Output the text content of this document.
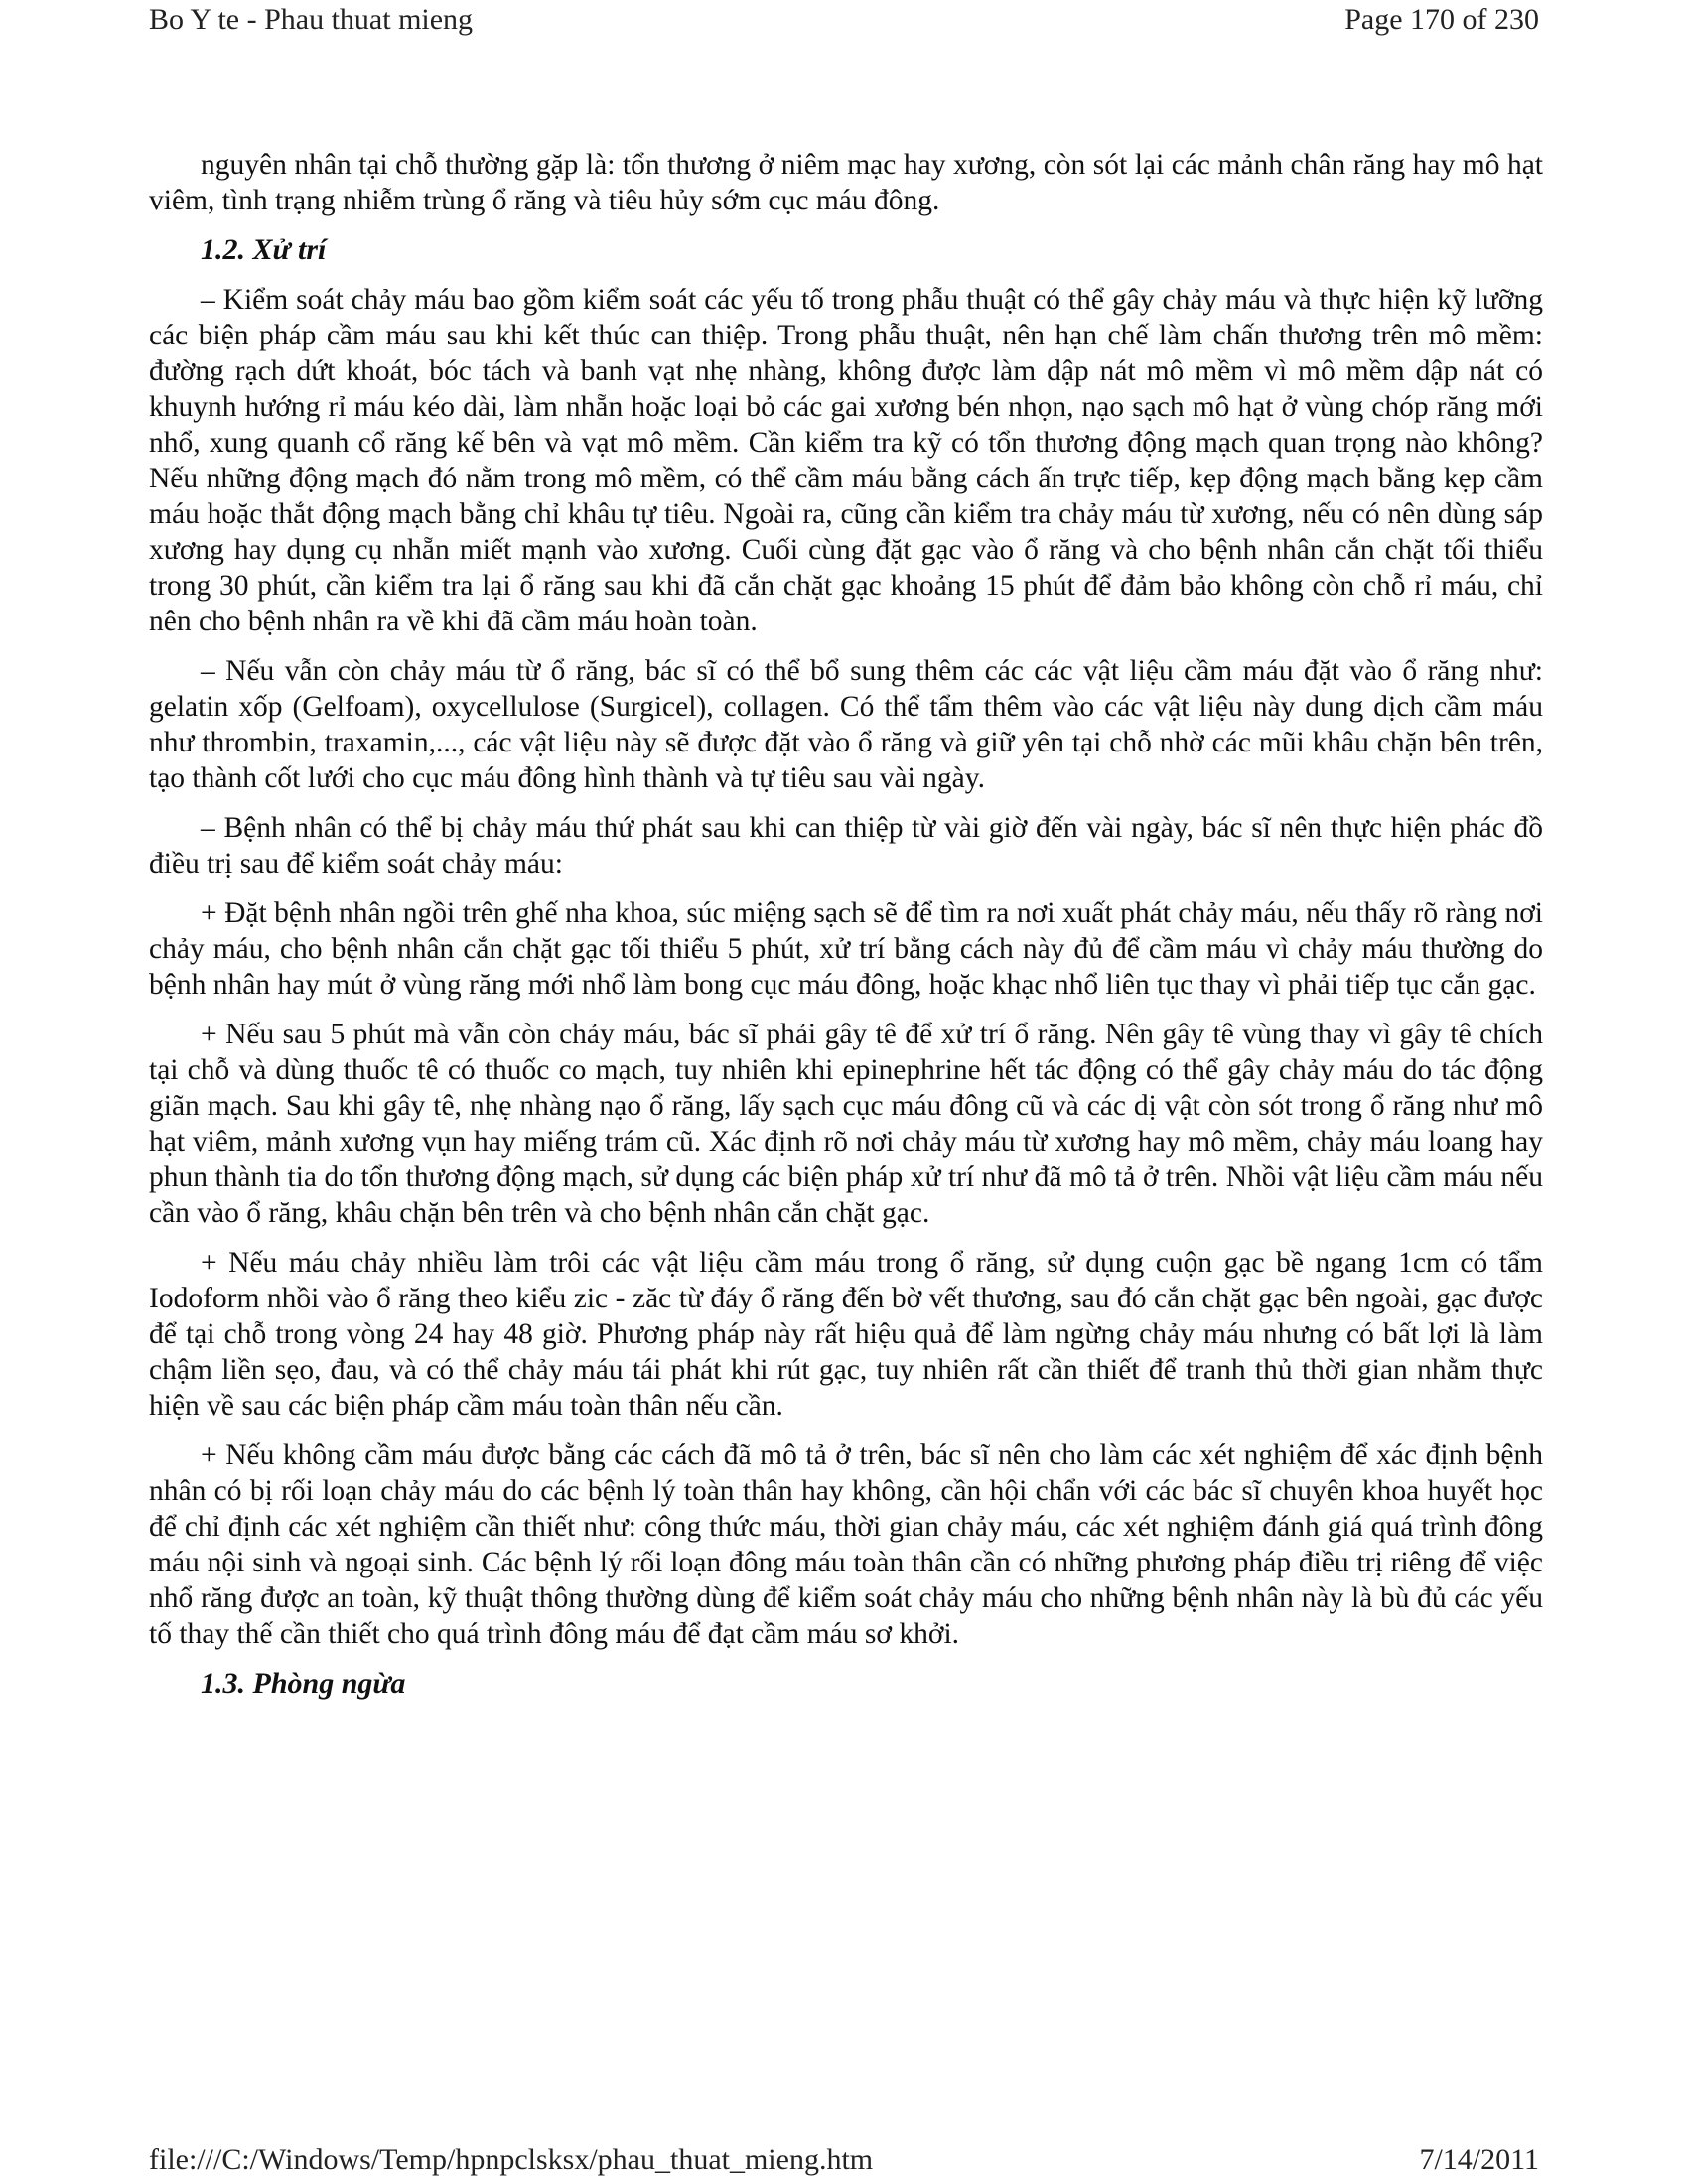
Bo Y te - Phau thuat mieng	Page 170 of 230

nguyên nhân tại chỗ thường gặp là: tổn thương ở niêm mạc hay xương, còn sót lại các mảnh chân răng hay mô hạt viêm, tình trạng nhiễm trùng ổ răng và tiêu hủy sớm cục máu đông.

1.2. Xử trí

– Kiểm soát chảy máu bao gồm kiểm soát các yếu tố trong phẫu thuật có thể gây chảy máu và thực hiện kỹ lưỡng các biện pháp cầm máu sau khi kết thúc can thiệp. Trong phẫu thuật, nên hạn chế làm chấn thương trên mô mềm: đường rạch dứt khoát, bóc tách và banh vạt nhẹ nhàng, không được làm dập nát mô mềm vì mô mềm dập nát có khuynh hướng rỉ máu kéo dài, làm nhẵn hoặc loại bỏ các gai xương bén nhọn, nạo sạch mô hạt ở vùng chóp răng mới nhổ, xung quanh cổ răng kế bên và vạt mô mềm. Cần kiểm tra kỹ có tổn thương động mạch quan trọng nào không? Nếu những động mạch đó nằm trong mô mềm, có thể cầm máu bằng cách ấn trực tiếp, kẹp động mạch bằng kẹp cầm máu hoặc thắt động mạch bằng chỉ khâu tự tiêu. Ngoài ra, cũng cần kiểm tra chảy máu từ xương, nếu có nên dùng sáp xương hay dụng cụ nhẵn miết mạnh vào xương. Cuối cùng đặt gạc vào ổ răng và cho bệnh nhân cắn chặt tối thiểu trong 30 phút, cần kiểm tra lại ổ răng sau khi đã cắn chặt gạc khoảng 15 phút để đảm bảo không còn chỗ rỉ máu, chỉ nên cho bệnh nhân ra về khi đã cầm máu hoàn toàn.

– Nếu vẫn còn chảy máu từ ổ răng, bác sĩ có thể bổ sung thêm các các vật liệu cầm máu đặt vào ổ răng như: gelatin xốp (Gelfoam), oxycellulose (Surgicel), collagen. Có thể tẩm thêm vào các vật liệu này dung dịch cầm máu như thrombin, traxamin,..., các vật liệu này sẽ được đặt vào ổ răng và giữ yên tại chỗ nhờ các mũi khâu chặn bên trên, tạo thành cốt lưới cho cục máu đông hình thành và tự tiêu sau vài ngày.

– Bệnh nhân có thể bị chảy máu thứ phát sau khi can thiệp từ vài giờ đến vài ngày, bác sĩ nên thực hiện phác đồ điều trị sau để kiểm soát chảy máu:

+ Đặt bệnh nhân ngồi trên ghế nha khoa, súc miệng sạch sẽ để tìm ra nơi xuất phát chảy máu, nếu thấy rõ ràng nơi chảy máu, cho bệnh nhân cắn chặt gạc tối thiểu 5 phút, xử trí bằng cách này đủ để cầm máu vì chảy máu thường do bệnh nhân hay mút ở vùng răng mới nhổ làm bong cục máu đông, hoặc khạc nhổ liên tục thay vì phải tiếp tục cắn gạc.

+ Nếu sau 5 phút mà vẫn còn chảy máu, bác sĩ phải gây tê để xử trí ổ răng. Nên gây tê vùng thay vì gây tê chích tại chỗ và dùng thuốc tê có thuốc co mạch, tuy nhiên khi epinephrine hết tác động có thể gây chảy máu do tác động giãn mạch. Sau khi gây tê, nhẹ nhàng nạo ổ răng, lấy sạch cục máu đông cũ và các dị vật còn sót trong ổ răng như mô hạt viêm, mảnh xương vụn hay miếng trám cũ. Xác định rõ nơi chảy máu từ xương hay mô mềm, chảy máu loang hay phun thành tia do tổn thương động mạch, sử dụng các biện pháp xử trí như đã mô tả ở trên. Nhồi vật liệu cầm máu nếu cần vào ổ răng, khâu chặn bên trên và cho bệnh nhân cắn chặt gạc.

+ Nếu máu chảy nhiều làm trôi các vật liệu cầm máu trong ổ răng, sử dụng cuộn gạc bề ngang 1cm có tẩm Iodoform nhồi vào ổ răng theo kiểu zic - zăc từ đáy ổ răng đến bờ vết thương, sau đó cắn chặt gạc bên ngoài, gạc được để tại chỗ trong vòng 24 hay 48 giờ. Phương pháp này rất hiệu quả để làm ngừng chảy máu nhưng có bất lợi là làm chậm liền sẹo, đau, và có thể chảy máu tái phát khi rút gạc, tuy nhiên rất cần thiết để tranh thủ thời gian nhằm thực hiện về sau các biện pháp cầm máu toàn thân nếu cần.

+ Nếu không cầm máu được bằng các cách đã mô tả ở trên, bác sĩ nên cho làm các xét nghiệm để xác định bệnh nhân có bị rối loạn chảy máu do các bệnh lý toàn thân hay không, cần hội chẩn với các bác sĩ chuyên khoa huyết học để chỉ định các xét nghiệm cần thiết như: công thức máu, thời gian chảy máu, các xét nghiệm đánh giá quá trình đông máu nội sinh và ngoại sinh. Các bệnh lý rối loạn đông máu toàn thân cần có những phương pháp điều trị riêng để việc nhổ răng được an toàn, kỹ thuật thông thường dùng để kiểm soát chảy máu cho những bệnh nhân này là bù đủ các yếu tố thay thế cần thiết cho quá trình đông máu để đạt cầm máu sơ khởi.

1.3. Phòng ngừa
file:///C:/Windows/Temp/hpnpclsksx/phau_thuat_mieng.htm	7/14/2011
